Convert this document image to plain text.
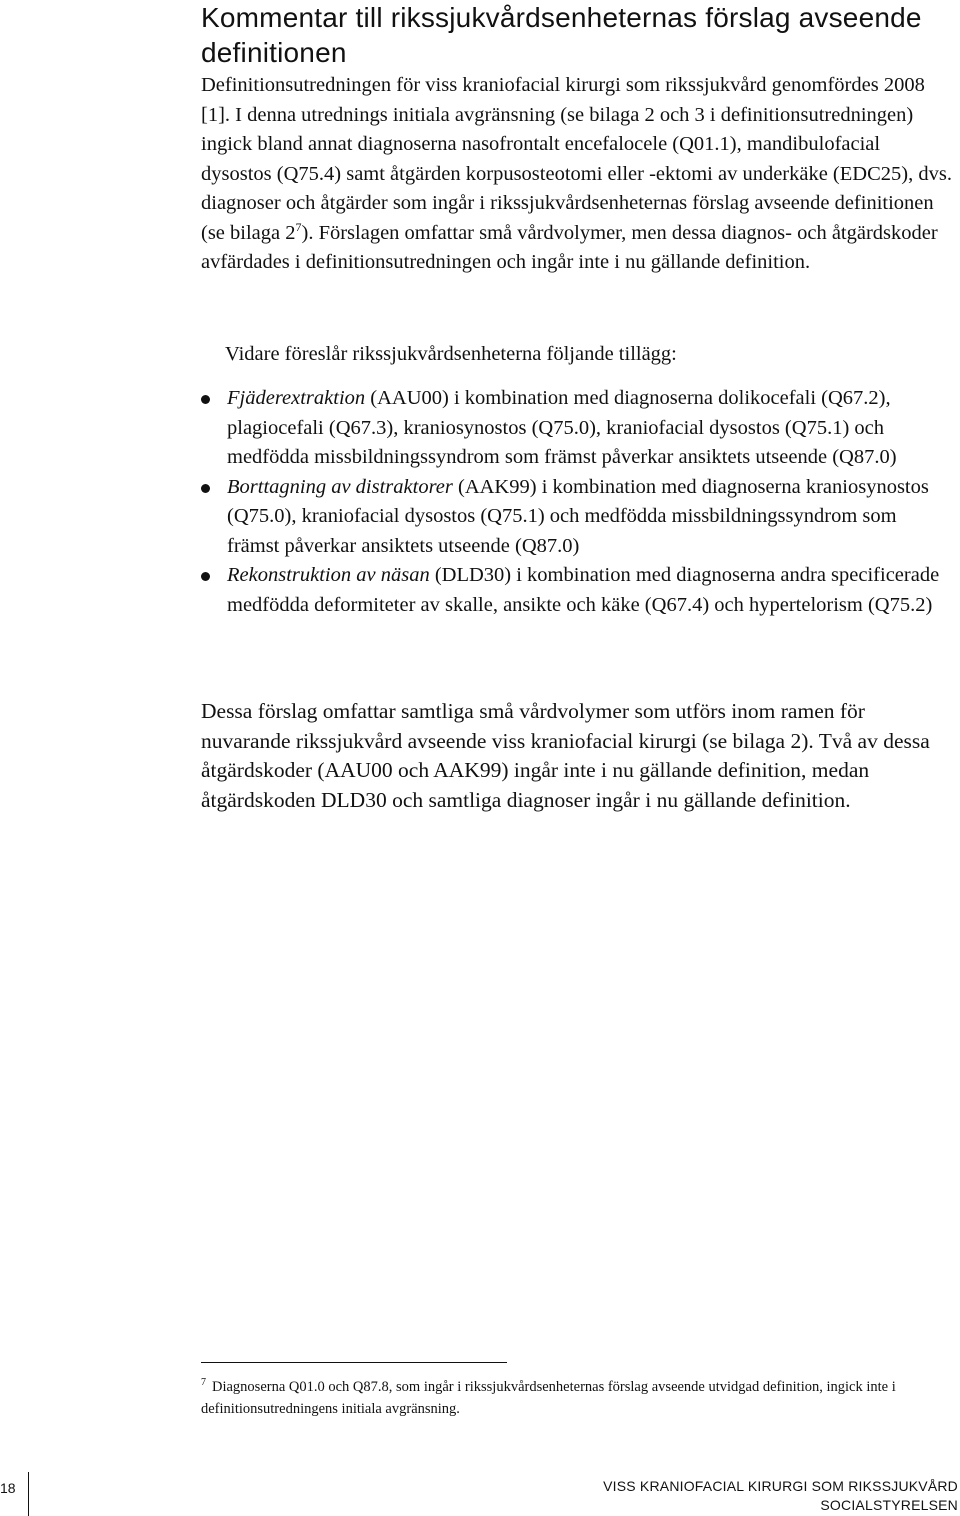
Kommentar till rikssjukvårdsenheternas förslag avseende definitionen

Definitionsutredningen för viss kraniofacial kirurgi som rikssjukvård genomfördes 2008 [1]. I denna utrednings initiala avgränsning (se bilaga 2 och 3 i definitionsutredningen) ingick bland annat diagnoserna nasofrontalt encefalocele (Q01.1), mandibulofacial dysostos (Q75.4) samt åtgärden korpusosteotomi eller -ektomi av underkäke (EDC25), dvs. diagnoser och åtgärder som ingår i rikssjukvårdsenheternas förslag avseende definitionen (se bilaga $2^7$). Förslagen omfattar små vårdvolymer, men dessa diagnos- och åtgärdskoder avfärdades i definitionsutredningen och ingår inte i nu gällande definition.

Vidare föreslår rikssjukvårdsenheterna följande tillägg:

Fjäderextraktion (AAU00) i kombination med diagnoserna dolikocefali (Q67.2), plagiocefali (Q67.3), kraniosynostos (Q75.0), kraniofacial dysostos (Q75.1) och medfödda missbildningssyndrom som främst påverkar ansiktets utseende (Q87.0)
Borttagning av distraktorer (AAK99) i kombination med diagnoserna kraniosynostos (Q75.0), kraniofacial dysostos (Q75.1) och medfödda missbildningssyndrom som främst påverkar ansiktets utseende (Q87.0)
Rekonstruktion av näsan (DLD30) i kombination med diagnoserna andra specificerade medfödda deformiteter av skalle, ansikte och käke (Q67.4) och hypertelorism (Q75.2)

Dessa förslag omfattar samtliga små vårdvolymer som utförs inom ramen för nuvarande rikssjukvård avseende viss kraniofacial kirurgi (se bilaga 2). Två av dessa åtgärdskoder (AAU00 och AAK99) ingår inte i nu gällande definition, medan åtgärdskoden DLD30 och samtliga diagnoser ingår i nu gällande definition.

$^7$ Diagnoserna Q01.0 och Q87.8, som ingår i rikssjukvårdsenheternas förslag avseende utvidgad definition, ingick inte i definitionsutredningens initiala avgränsning.

18	VISS KRANIOFACIAL KIRURGI SOM RIKSSJUKVÅRD
SOCIALSTYRELSEN
